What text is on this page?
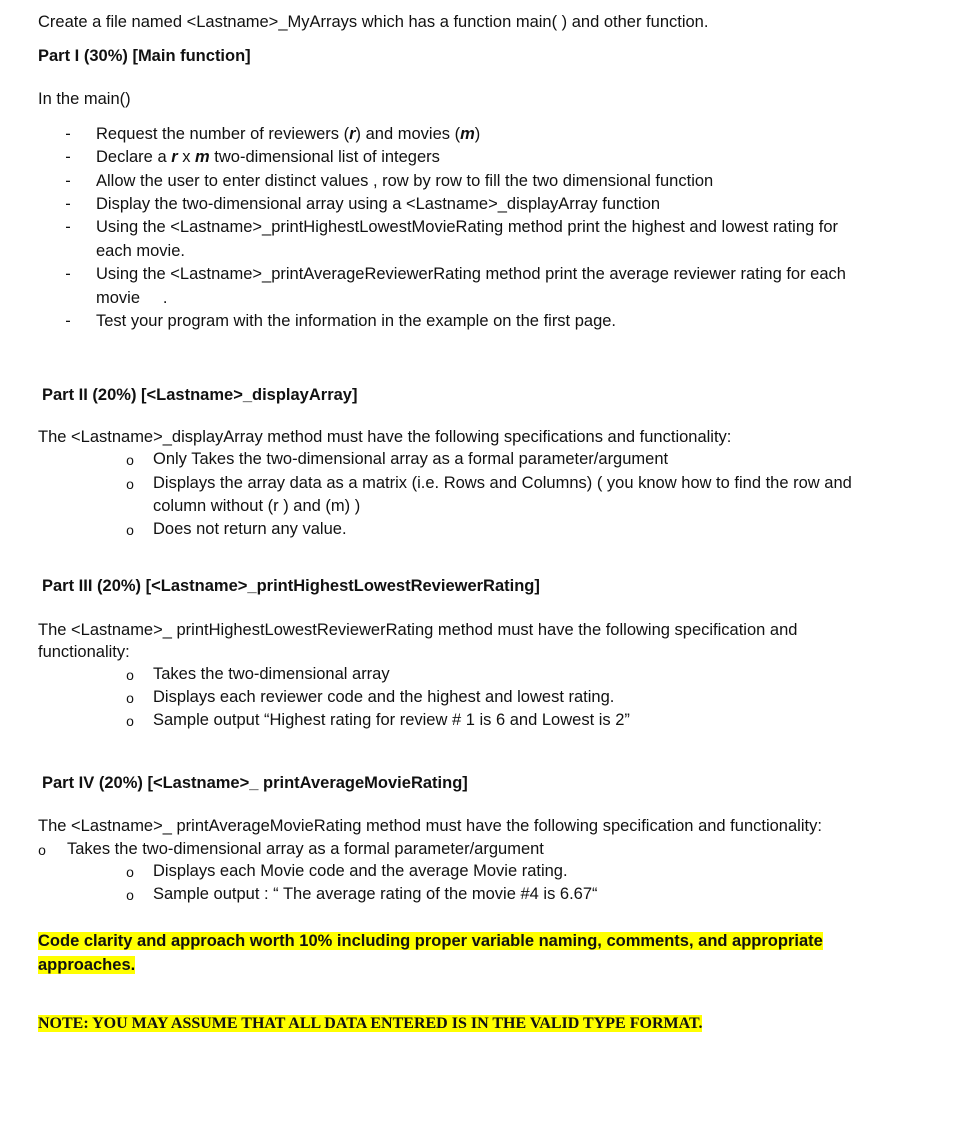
Create a file named <Lastname>_MyArrays which has a function main( ) and other function.
Part I (30%) [Main function]
In the main()
- Request the number of reviewers (r) and movies (m)
- Declare a r x m two-dimensional list of integers
- Allow the user to enter distinct values , row by row to fill the two dimensional function
- Display the two-dimensional array using a <Lastname>_displayArray function
- Using the <Lastname>_printHighestLowestMovieRating method print the highest and lowest rating for
each movie.
- Using the <Lastname>_printAverageReviewerRating method print the average reviewer rating for each
movie     .
- Test your program with the information in the example on the first page.
Part II (20%) [<Lastname>_displayArray]
The <Lastname>_displayArray method must have the following specifications and functionality:
o Only Takes the two-dimensional array as a formal parameter/argument
o Displays the array data as a matrix (i.e. Rows and Columns) ( you know how to find the row and
column without (r ) and (m) )
o Does not return any value.
Part III (20%) [<Lastname>_printHighestLowestReviewerRating]
The <Lastname>_ printHighestLowestReviewerRating method must have the following specification and
functionality:
o Takes the two-dimensional array
o Displays each reviewer code and the highest and lowest rating.
o Sample output “Highest rating for review # 1 is 6 and Lowest is 2”
Part IV (20%) [<Lastname>_ printAverageMovieRating]
The <Lastname>_ printAverageMovieRating method must have the following specification and functionality:
o Takes the two-dimensional array as a formal parameter/argument
o Displays each Movie code and the average Movie rating.
o Sample output : “ The average rating of the movie #4 is 6.67“
Code clarity and approach worth 10% including proper variable naming, comments, and appropriate
approaches.
NOTE: YOU MAY ASSUME THAT ALL DATA ENTERED IS IN THE VALID TYPE FORMAT.
